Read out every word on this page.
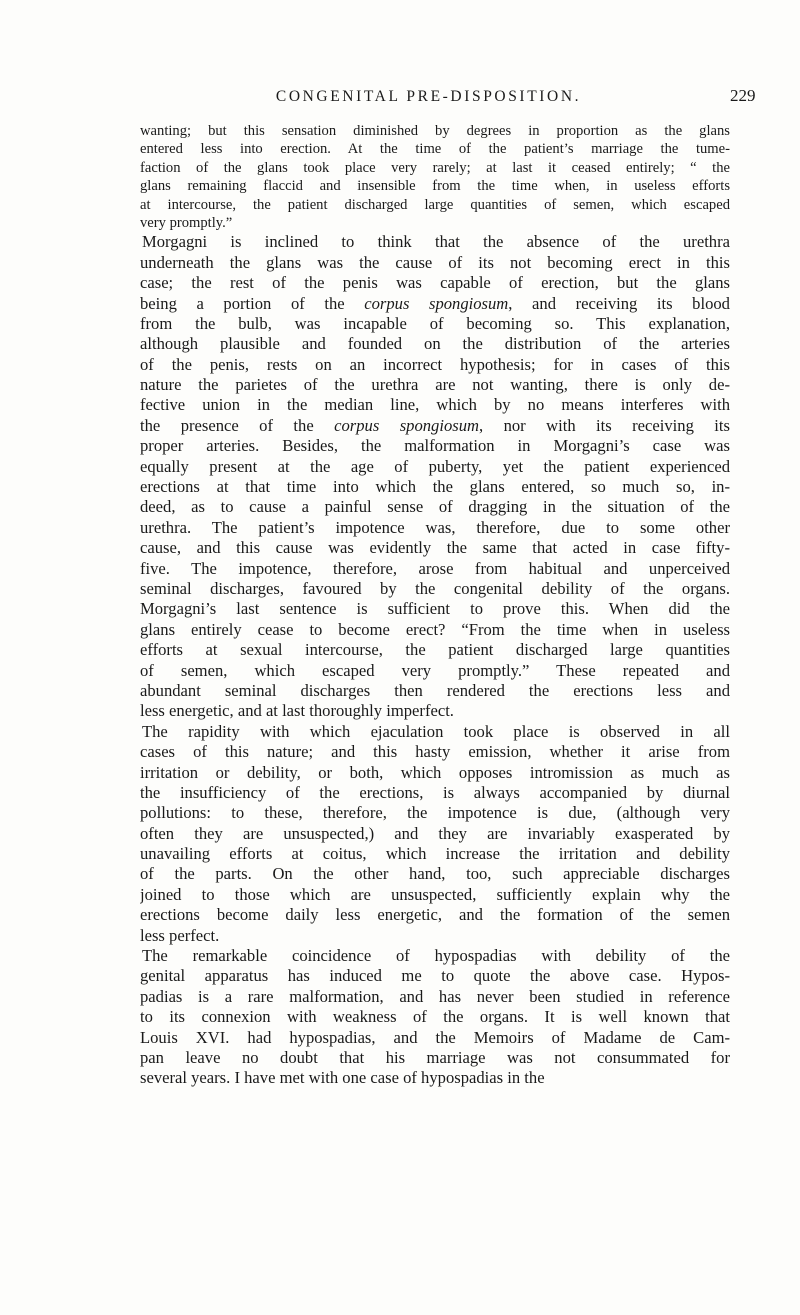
CONGENITAL PRE-DISPOSITION.	229
wanting; but this sensation diminished by degrees in proportion as the glans
entered less into erection. At the time of the patient’s marriage the tume-
faction of the glans took place very rarely; at last it ceased entirely; “ the
glans remaining flaccid and insensible from the time when, in useless efforts
at intercourse, the patient discharged large quantities of semen, which escaped
very promptly.”
Morgagni is inclined to think that the absence of the urethra
underneath the glans was the cause of its not becoming erect in this
case; the rest of the penis was capable of erection, but the glans
being a portion of the corpus spongiosum, and receiving its blood
from the bulb, was incapable of becoming so. This explanation,
although plausible and founded on the distribution of the arteries
of the penis, rests on an incorrect hypothesis; for in cases of this
nature the parietes of the urethra are not wanting, there is only de-
fective union in the median line, which by no means interferes with
the presence of the corpus spongiosum, nor with its receiving its
proper arteries. Besides, the malformation in Morgagni’s case was
equally present at the age of puberty, yet the patient experienced
erections at that time into which the glans entered, so much so, in-
deed, as to cause a painful sense of dragging in the situation of the
urethra. The patient’s impotence was, therefore, due to some other
cause, and this cause was evidently the same that acted in case fifty-
five. The impotence, therefore, arose from habitual and unperceived
seminal discharges, favoured by the congenital debility of the organs.
Morgagni’s last sentence is sufficient to prove this. When did the
glans entirely cease to become erect? “From the time when in useless
efforts at sexual intercourse, the patient discharged large quantities
of semen, which escaped very promptly.” These repeated and
abundant seminal discharges then rendered the erections less and
less energetic, and at last thoroughly imperfect.
The rapidity with which ejaculation took place is observed in all
cases of this nature; and this hasty emission, whether it arise from
irritation or debility, or both, which opposes intromission as much as
the insufficiency of the erections, is always accompanied by diurnal
pollutions: to these, therefore, the impotence is due, (although very
often they are unsuspected,) and they are invariably exasperated by
unavailing efforts at coitus, which increase the irritation and debility
of the parts. On the other hand, too, such appreciable discharges
joined to those which are unsuspected, sufficiently explain why the
erections become daily less energetic, and the formation of the semen
less perfect.
The remarkable coincidence of hypospadias with debility of the
genital apparatus has induced me to quote the above case. Hypos-
padias is a rare malformation, and has never been studied in reference
to its connexion with weakness of the organs. It is well known that
Louis XVI. had hypospadias, and the Memoirs of Madame de Cam-
pan leave no doubt that his marriage was not consummated for
several years. I have met with one case of hypospadias in the
